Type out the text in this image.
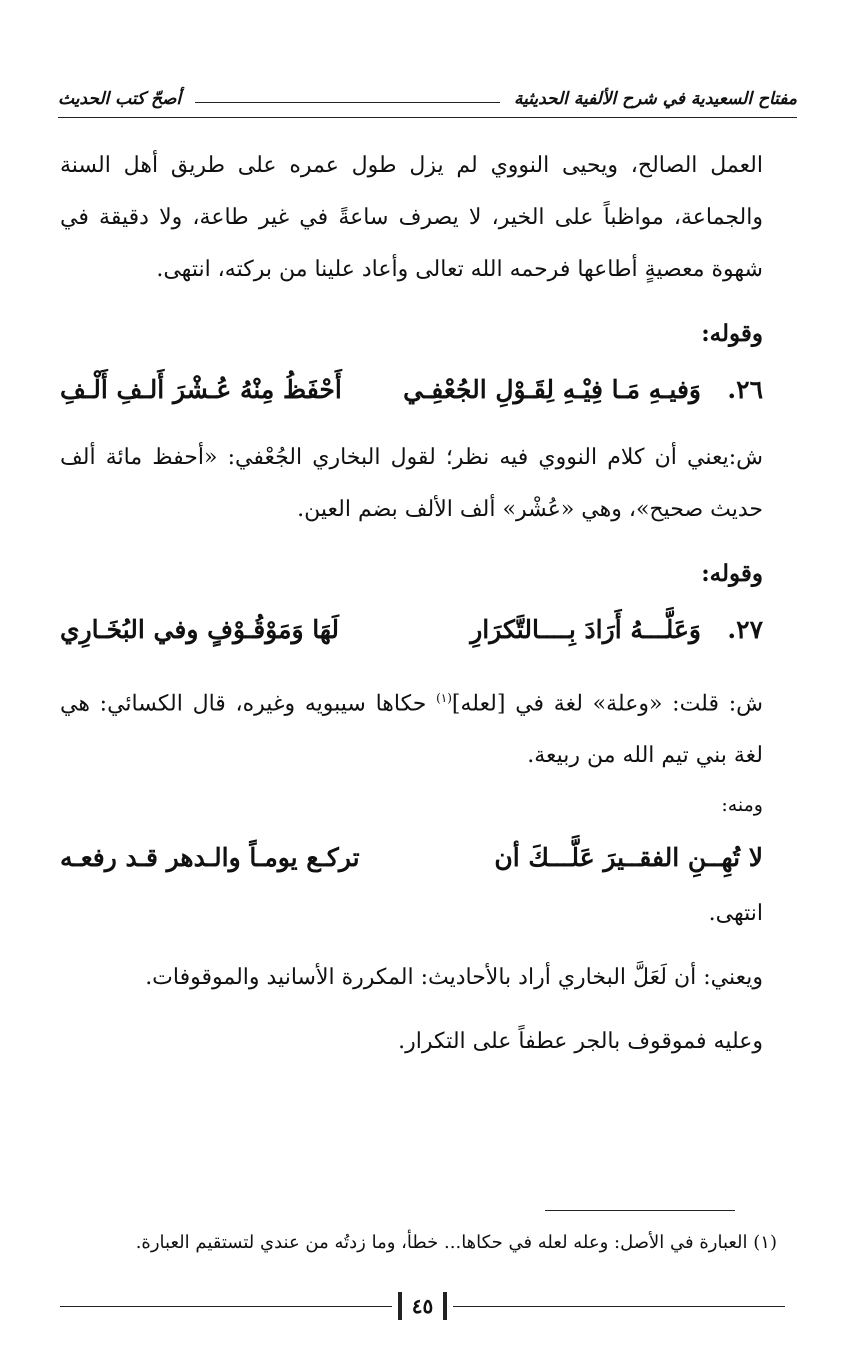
مفتاح السعيدية في شرح الألفية الحديثية
أصحّ كتب الحديث

العمل الصالح، ويحيى النووي لم يزل طول عمره على طريق أهل السنة والجماعة، مواظباً على الخير، لا يصرف ساعةً في غير طاعة، ولا دقيقة في شهوة معصيةٍ أطاعها فرحمه الله تعالى وأعاد علينا من بركته، انتهى.

وقوله:

٢٦.
وَفيـهِ مَـا فِيْـهِ لِقَـوْلِ الجُعْفِـي
أَحْفَظُ مِنْهُ عُـشْرَ أَلـفِ أَلْـفِ

ش:يعني أن كلام النووي فيه نظر؛ لقول البخاري الجُعْفي: «أحفظ مائة ألف حديث صحيح»، وهي «عُشْر» ألف الألف بضم العين.

وقوله:

٢٧.
وَعَلَّـــهُ أَرَادَ بِــــالتَّكرَارِ
لَهَا وَمَوْقُـوْفٍ وفي البُخَـارِي

ش: قلت: «وعلة» لغة في [لعله]$^{(١)}$ حكاها سيبويه وغيره، قال الكسائي: هي لغة بني تيم الله من ربيعة.

ومنه:

لا تُهِــنِ الفقــيرَ عَلَّـــكَ أن
تركـع يومـاً والـدهر قـد رفعـه

انتهى.

ويعني: أن لَعَلَّ البخاري أراد بالأحاديث: المكررة الأسانيد والموقوفات.

وعليه فموقوف بالجر عطفاً على التكرار.

(١) العبارة في الأصل: وعله لعله في حكاها... خطأ، وما زدتُه من عندي لتستقيم العبارة.
٤٥
